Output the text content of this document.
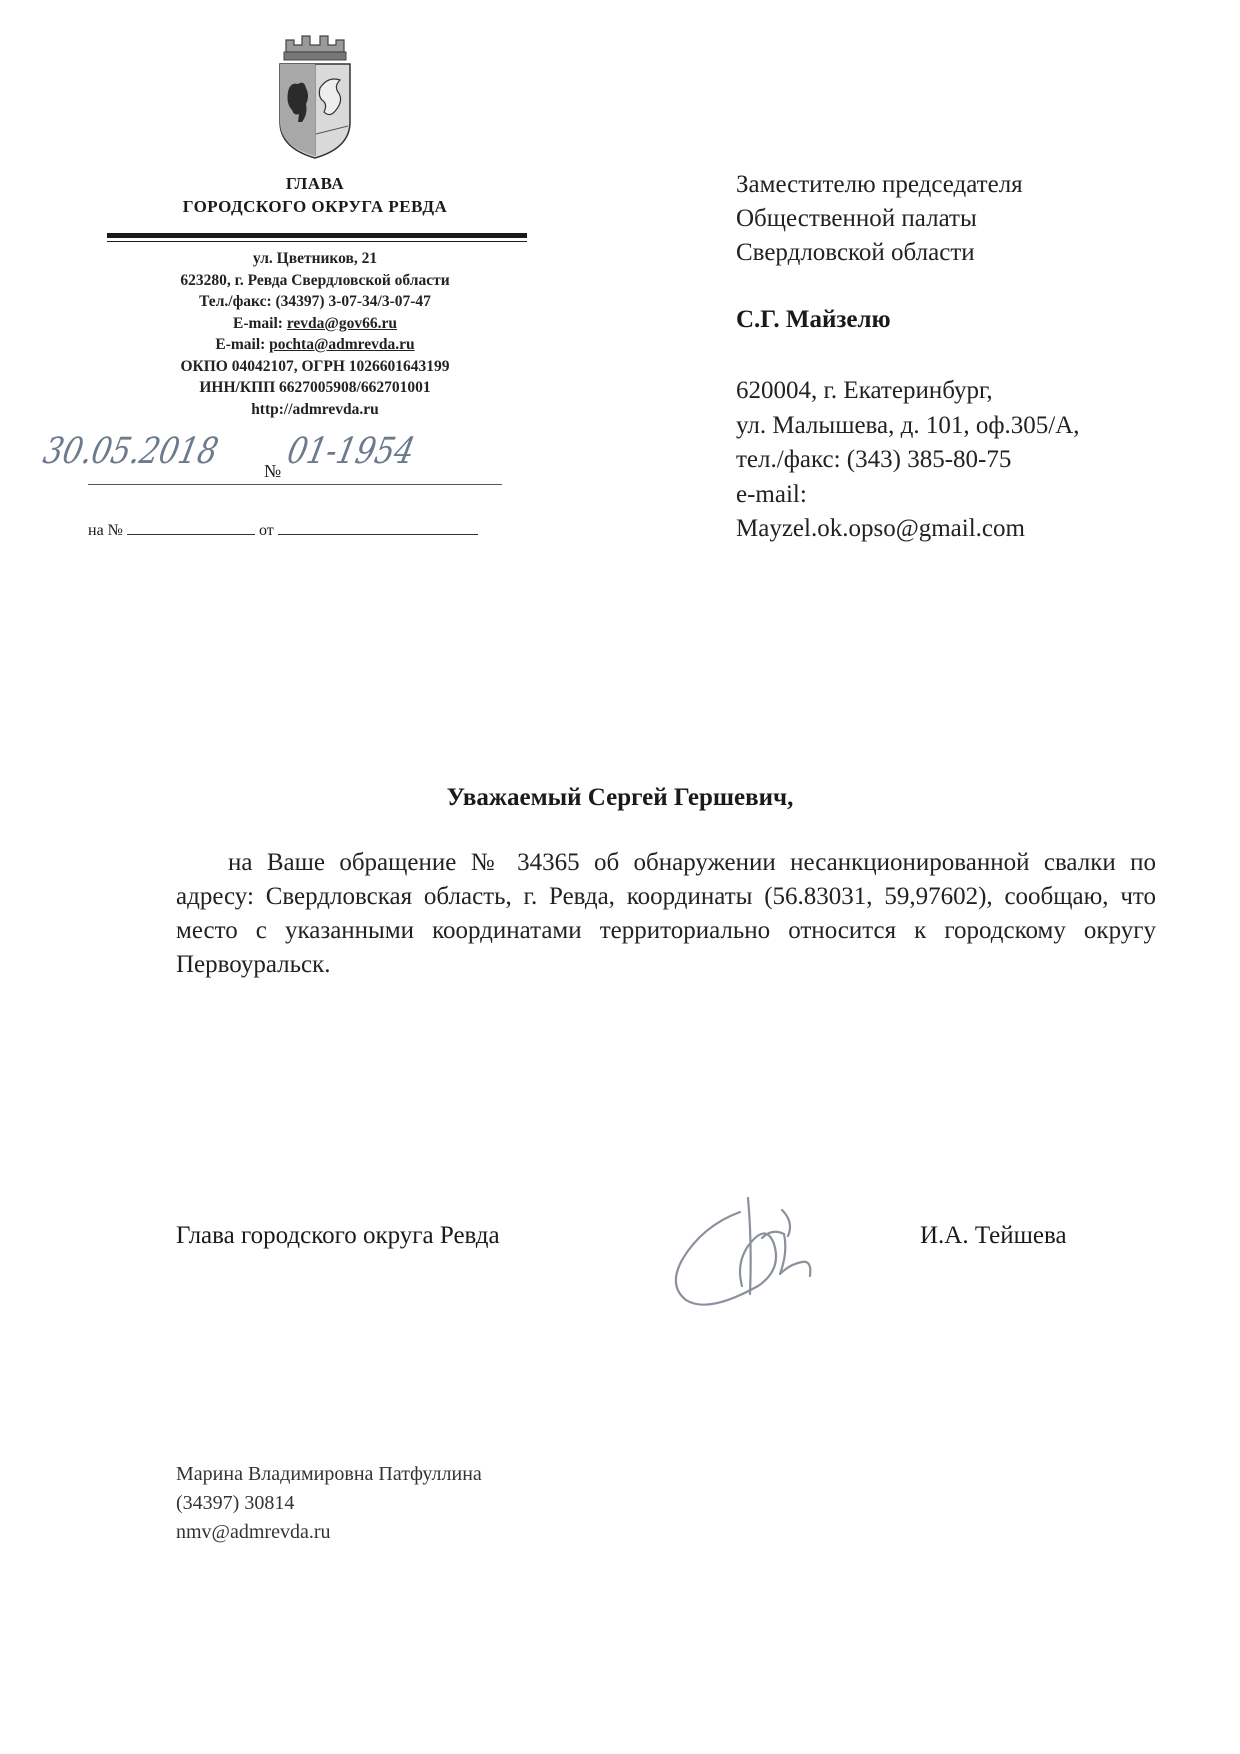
ГЛАВА
ГОРОДСКОГО ОКРУГА РЕВДА
ул. Цветников, 21
623280, г. Ревда Свердловской области
Тел./факс: (34397) 3-07-34/3-07-47
E-mail: revda@gov66.ru
E-mail: pochta@admrevda.ru
ОКПО 04042107, ОГРН 1026601643199
ИНН/КПП 6627005908/662701001
http://admrevda.ru
30.05.2018	№ 01-1954
на №	от
Заместителю председателя
Общественной палаты
Свердловской области
С.Г. Майзелю
620004, г. Екатеринбург,
ул. Малышева, д. 101, оф.305/А,
тел./факс: (343) 385-80-75
e-mail:
Mayzel.ok.opso@gmail.com
Уважаемый Сергей Гершевич,
на Ваше обращение № 34365 об обнаружении несанкционированной свалки по адресу: Свердловская область, г. Ревда, координаты (56.83031, 59,97602), сообщаю, что место с указанными координатами территориально относится к городскому округу Первоуральск.
Глава городского округа Ревда	И.А. Тейшева
Марина Владимировна Патфуллина
(34397) 30814
nmv@admrevda.ru
